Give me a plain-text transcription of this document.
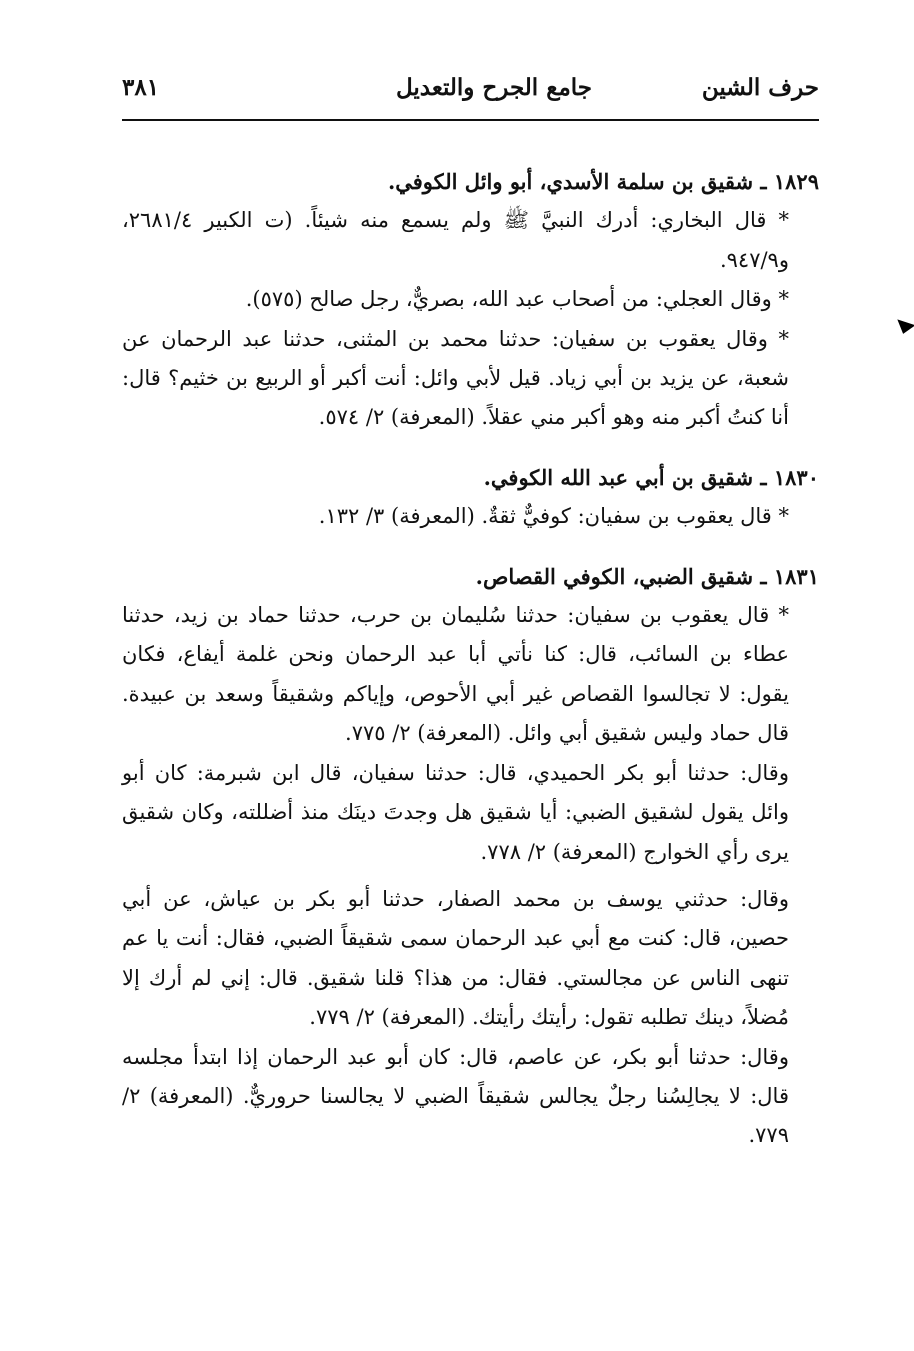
حرف الشين
جامع الجرح والتعديل
٣٨١

١٨٢٩ ـ شقيق بن سلمة الأسدي، أبو وائل الكوفي.

* قال البخاري: أدرك النبيَّ ﷺ ولم يسمع منه شيئاً. (ت الكبير ٢٦٨١/٤، و٩٤٧/٩.

* وقال العجلي: من أصحاب عبد الله، بصريٌّ، رجل صالح (٥٧٥).

* وقال يعقوب بن سفيان: حدثنا محمد بن المثنى، حدثنا عبد الرحمان عن شعبة، عن يزيد بن أبي زياد. قيل لأبي وائل: أنت أكبر أو الربيع بن خثيم؟ قال: أنا كنتُ أكبر منه وهو أكبر مني عقلاً. (المعرفة) ٢/ ٥٧٤.

١٨٣٠ ـ شقيق بن أبي عبد الله الكوفي.

* قال يعقوب بن سفيان: كوفيٌّ ثقةٌ. (المعرفة) ٣/ ١٣٢.

١٨٣١ ـ شقيق الضبي، الكوفي القصاص.

* قال يعقوب بن سفيان: حدثنا سُليمان بن حرب، حدثنا حماد بن زيد، حدثنا عطاء بن السائب، قال: كنا نأتي أبا عبد الرحمان ونحن غلمة أيفاع، فكان يقول: لا تجالسوا القصاص غير أبي الأحوص، وإياكم وشقيقاً وسعد بن عبيدة. قال حماد وليس شقيق أبي وائل. (المعرفة) ٢/ ٧٧٥.

وقال: حدثنا أبو بكر الحميدي، قال: حدثنا سفيان، قال ابن شبرمة: كان أبو وائل يقول لشقيق الضبي: أيا شقيق هل وجدتَ دينَك منذ أضللته، وكان شقيق يرى رأي الخوارج (المعرفة) ٢/ ٧٧٨.

وقال: حدثني يوسف بن محمد الصفار، حدثنا أبو بكر بن عياش، عن أبي حصين، قال: كنت مع أبي عبد الرحمان سمى شقيقاً الضبي، فقال: أنت يا عم تنهى الناس عن مجالستي. فقال: من هذا؟ قلنا شقيق. قال: إني لم أرك إلا مُضلاً، دينك تطلبه تقول: رأيتك رأيتك. (المعرفة) ٢/ ٧٧٩.

وقال: حدثنا أبو بكر، عن عاصم، قال: كان أبو عبد الرحمان إذا ابتدأ مجلسه قال: لا يجالِسُنا رجلٌ يجالس شقيقاً الضبي لا يجالسنا حروريٌّ. (المعرفة) ٢/ ٧٧٩.
